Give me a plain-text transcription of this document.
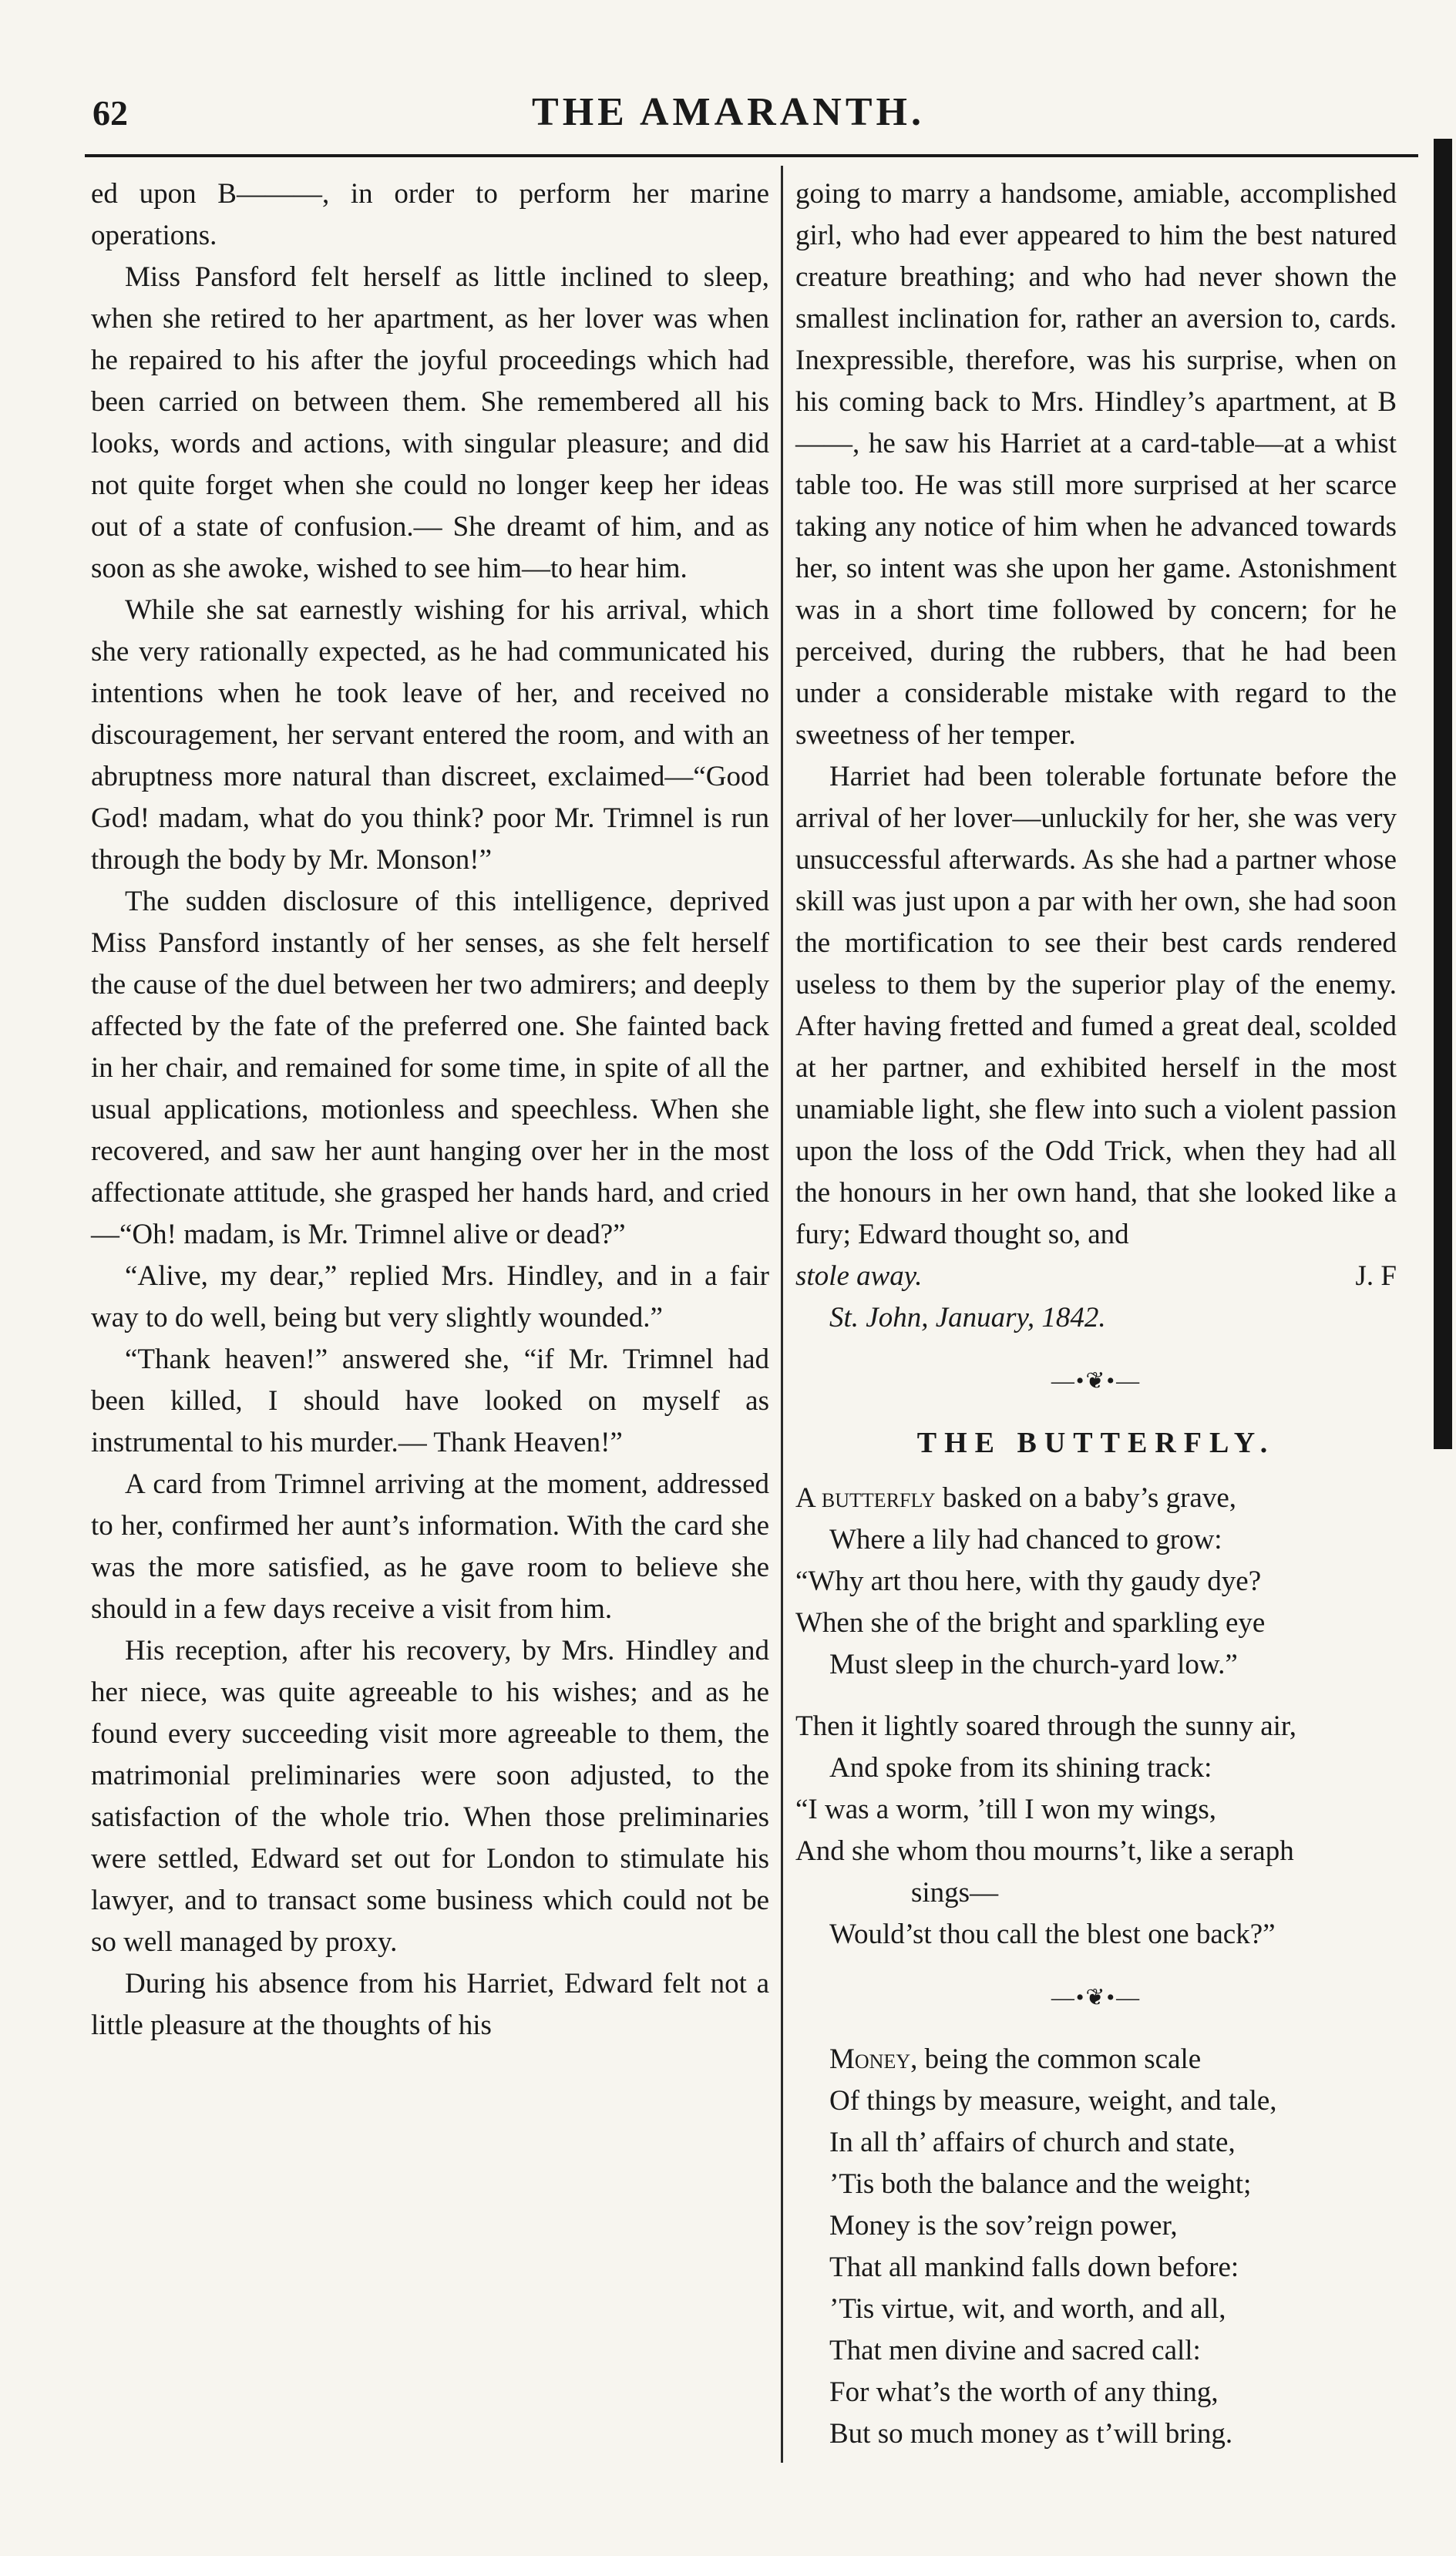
62	THE AMARANTH.

ed upon B———, in order to perform her marine operations.

Miss Pansford felt herself as little inclined to sleep, when she retired to her apartment, as her lover was when he repaired to his after the joyful proceedings which had been carried on between them. She remembered all his looks, words and actions, with singular pleasure; and did not quite forget when she could no longer keep her ideas out of a state of confusion.— She dreamt of him, and as soon as she awoke, wished to see him—to hear him.

While she sat earnestly wishing for his arrival, which she very rationally expected, as he had communicated his intentions when he took leave of her, and received no discouragement, her servant entered the room, and with an abruptness more natural than discreet, exclaimed—“Good God! madam, what do you think? poor Mr. Trimnel is run through the body by Mr. Monson!”

The sudden disclosure of this intelligence, deprived Miss Pansford instantly of her senses, as she felt herself the cause of the duel between her two admirers; and deeply affected by the fate of the preferred one. She fainted back in her chair, and remained for some time, in spite of all the usual applications, motionless and speechless. When she recovered, and saw her aunt hanging over her in the most affectionate attitude, she grasped her hands hard, and cried—“Oh! madam, is Mr. Trimnel alive or dead?”

“Alive, my dear,” replied Mrs. Hindley, and in a fair way to do well, being but very slightly wounded.”

“Thank heaven!” answered she, “if Mr. Trimnel had been killed, I should have looked on myself as instrumental to his murder.— Thank Heaven!”

A card from Trimnel arriving at the moment, addressed to her, confirmed her aunt’s information. With the card she was the more satisfied, as he gave room to believe she should in a few days receive a visit from him.

His reception, after his recovery, by Mrs. Hindley and her niece, was quite agreeable to his wishes; and as he found every succeeding visit more agreeable to them, the matrimonial preliminaries were soon adjusted, to the satisfaction of the whole trio. When those preliminaries were settled, Edward set out for London to stimulate his lawyer, and to transact some business which could not be so well managed by proxy.

During his absence from his Harriet, Edward felt not a little pleasure at the thoughts of his

going to marry a handsome, amiable, accomplished girl, who had ever appeared to him the best natured creature breathing; and who had never shown the smallest inclination for, rather an aversion to, cards. Inexpressible, therefore, was his surprise, when on his coming back to Mrs. Hindley’s apartment, at B——, he saw his Harriet at a card-table—at a whist table too. He was still more surprised at her scarce taking any notice of him when he advanced towards her, so intent was she upon her game. Astonishment was in a short time followed by concern; for he perceived, during the rubbers, that he had been under a considerable mistake with regard to the sweetness of her temper.

Harriet had been tolerable fortunate before the arrival of her lover—unluckily for her, she was very unsuccessful afterwards. As she had a partner whose skill was just upon a par with her own, she had soon the mortification to see their best cards rendered useless to them by the superior play of the enemy. After having fretted and fumed a great deal, scolded at her partner, and exhibited herself in the most unamiable light, she flew into such a violent passion upon the loss of the Odd Trick, when they had all the honours in her own hand, that she looked like a fury; Edward thought so, and

stole away.	J. F
St. John, January, 1842.
—•❦•—
THE BUTTERFLY.
A butterfly basked on a baby’s grave,
Where a lily had chanced to grow:
“Why art thou here, with thy gaudy dye?
When she of the bright and sparkling eye
Must sleep in the church-yard low.”
Then it lightly soared through the sunny air,
And spoke from its shining track:
“I was a worm, ’till I won my wings,
And she whom thou mourns’t, like a seraph
sings—
Would’st thou call the blest one back?”
—•❦•—
Money, being the common scale
Of things by measure, weight, and tale,
In all th’ affairs of church and state,
’Tis both the balance and the weight;
Money is the sov’reign power,
That all mankind falls down before:
’Tis virtue, wit, and worth, and all,
That men divine and sacred call:
For what’s the worth of any thing,
But so much money as t’will bring.
